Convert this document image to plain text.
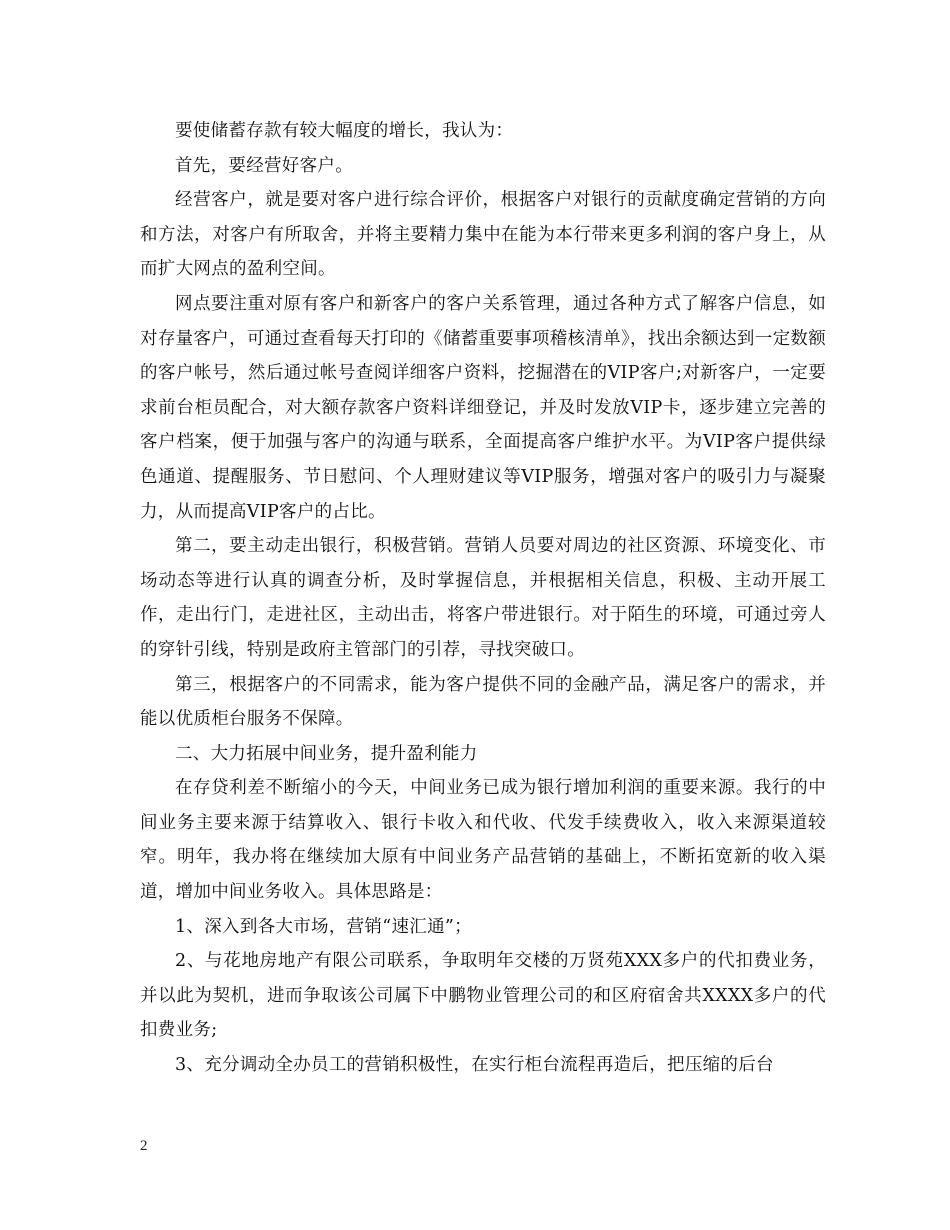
要使储蓄存款有较大幅度的增长，我认为：

首先，要经营好客户。

经营客户，就是要对客户进行综合评价，根据客户对银行的贡献度确定营销的方向和方法，对客户有所取舍，并将主要精力集中在能为本行带来更多利润的客户身上，从而扩大网点的盈利空间。

网点要注重对原有客户和新客户的客户关系管理，通过各种方式了解客户信息，如对存量客户，可通过查看每天打印的《储蓄重要事项稽核清单》，找出余额达到一定数额的客户帐号，然后通过帐号查阅详细客户资料，挖掘潜在的VIP客户;对新客户，一定要求前台柜员配合，对大额存款客户资料详细登记，并及时发放VIP卡，逐步建立完善的客户档案，便于加强与客户的沟通与联系，全面提高客户维护水平。为VIP客户提供绿色通道、提醒服务、节日慰问、个人理财建议等VIP服务，增强对客户的吸引力与凝聚力，从而提高VIP客户的占比。

第二，要主动走出银行，积极营销。营销人员要对周边的社区资源、环境变化、市场动态等进行认真的调查分析，及时掌握信息，并根据相关信息，积极、主动开展工作，走出行门，走进社区，主动出击，将客户带进银行。对于陌生的环境，可通过旁人的穿针引线，特别是政府主管部门的引荐，寻找突破口。

第三，根据客户的不同需求，能为客户提供不同的金融产品，满足客户的需求，并能以优质柜台服务不保障。

二、大力拓展中间业务，提升盈利能力

在存贷利差不断缩小的今天，中间业务已成为银行增加利润的重要来源。我行的中间业务主要来源于结算收入、银行卡收入和代收、代发手续费收入，收入来源渠道较窄。明年，我办将在继续加大原有中间业务产品营销的基础上，不断拓宽新的收入渠道，增加中间业务收入。具体思路是：

1、深入到各大市场，营销“速汇通”；

2、与花地房地产有限公司联系，争取明年交楼的万贤苑XXX多户的代扣费业务，并以此为契机，进而争取该公司属下中鹏物业管理公司的和区府宿舍共XXXX多户的代扣费业务;

3、充分调动全办员工的营销积极性，在实行柜台流程再造后，把压缩的后台

2
